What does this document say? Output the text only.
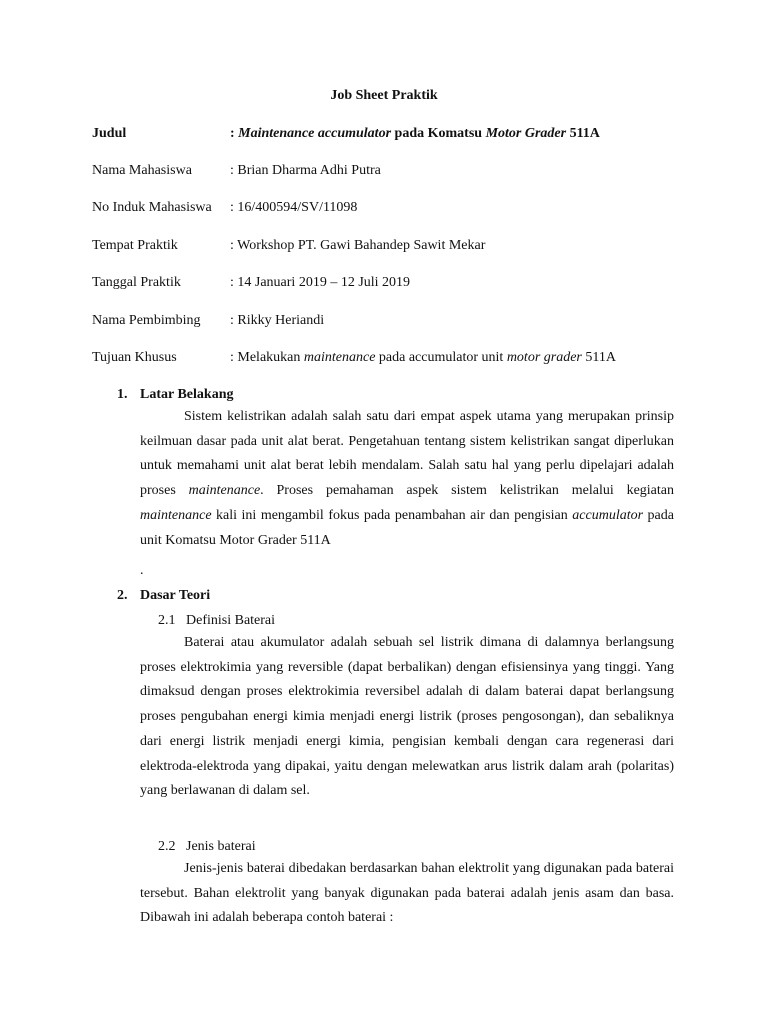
Job Sheet Praktik
Judul	: Maintenance accumulator pada Komatsu Motor Grader 511A
Nama Mahasiswa	: Brian Dharma Adhi Putra
No Induk Mahasiswa : 16/400594/SV/11098
Tempat Praktik	: Workshop PT. Gawi Bahandep Sawit Mekar
Tanggal Praktik	: 14 Januari 2019 – 12 Juli 2019
Nama Pembimbing : Rikky Heriandi
Tujuan Khusus	: Melakukan maintenance pada accumulator unit motor grader 511A
1. Latar Belakang
Sistem kelistrikan adalah salah satu dari empat aspek utama yang merupakan prinsip keilmuan dasar pada unit alat berat. Pengetahuan tentang sistem kelistrikan sangat diperlukan untuk memahami unit alat berat lebih mendalam. Salah satu hal yang perlu dipelajari adalah proses maintenance. Proses pemahaman aspek sistem kelistrikan melalui kegiatan maintenance kali ini mengambil fokus pada penambahan air dan pengisian accumulator pada unit Komatsu Motor Grader 511A
.
2. Dasar Teori
2.1 Definisi Baterai
Baterai atau akumulator adalah sebuah sel listrik dimana di dalamnya berlangsung proses elektrokimia yang reversible (dapat berbalikan) dengan efisiensinya yang tinggi. Yang dimaksud dengan proses elektrokimia reversibel adalah di dalam baterai dapat berlangsung proses pengubahan energi kimia menjadi energi listrik (proses pengosongan), dan sebaliknya dari energi listrik menjadi energi kimia, pengisian kembali dengan cara regenerasi dari elektroda-elektroda yang dipakai, yaitu dengan melewatkan arus listrik dalam arah (polaritas) yang berlawanan di dalam sel.
2.2 Jenis baterai
Jenis-jenis baterai dibedakan berdasarkan bahan elektrolit yang digunakan pada baterai tersebut. Bahan elektrolit yang banyak digunakan pada baterai adalah jenis asam dan basa. Dibawah ini adalah beberapa contoh baterai :
